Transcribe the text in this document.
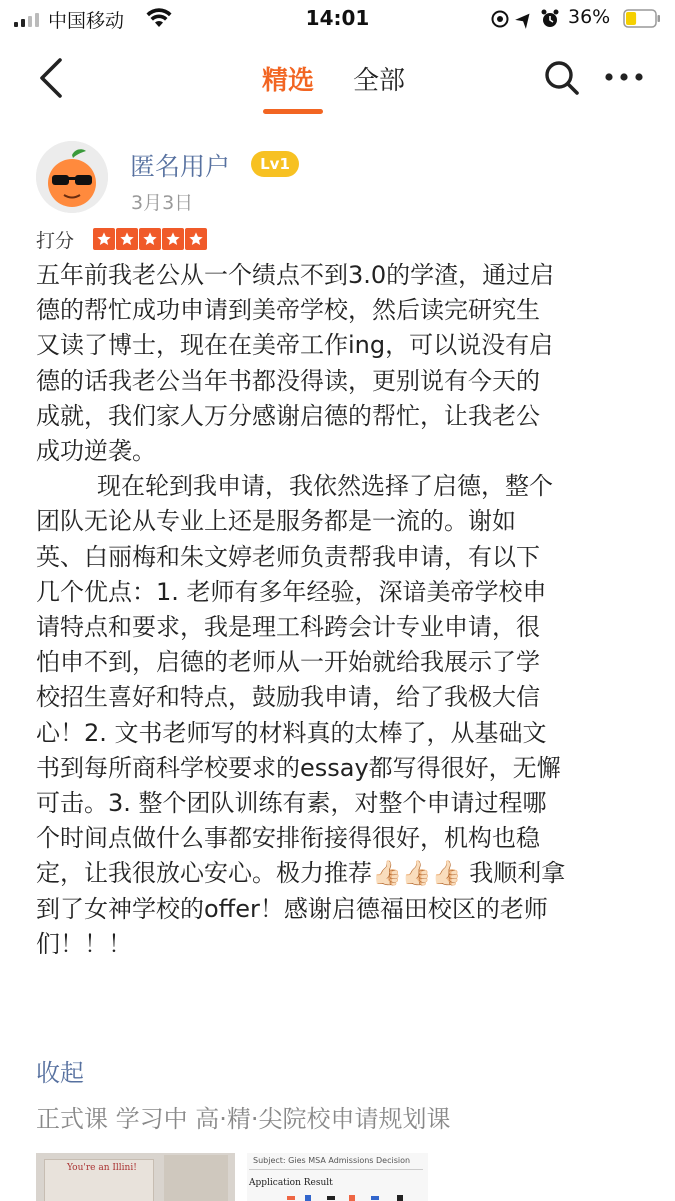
中国移动	14:01	36%
精选 全部
匿名用户	Lv1
3月3日
打分

五年前我老公从一个绩点不到3.0的学渣，通过启
德的帮忙成功申请到美帝学校，然后读完研究生
又读了博士，现在在美帝工作ing，可以说没有启
德的话我老公当年书都没得读，更别说有今天的
成就，我们家人万分感谢启德的帮忙，让我老公
成功逆袭。
现在轮到我申请，我依然选择了启德，整个
团队无论从专业上还是服务都是一流的。谢如
英、白丽梅和朱文婷老师负责帮我申请，有以下
几个优点：1. 老师有多年经验，深谙美帝学校申
请特点和要求，我是理工科跨会计专业申请，很
怕申不到，启德的老师从一开始就给我展示了学
校招生喜好和特点，鼓励我申请，给了我极大信
心！2. 文书老师写的材料真的太棒了，从基础文
书到每所商科学校要求的essay都写得很好，无懈
可击。3. 整个团队训练有素，对整个申请过程哪
个时间点做什么事都安排衔接得很好，机构也稳
定，让我很放心安心。极力推荐👍🏻👍🏻👍🏻 我顺利拿
到了女神学校的offer！感谢启德福田校区的老师
们！！！

收起
正式课 学习中 高·精·尖院校申请规划课
You're an Illini!
Subject: Gies MSA Admissions Decision
Application Result
